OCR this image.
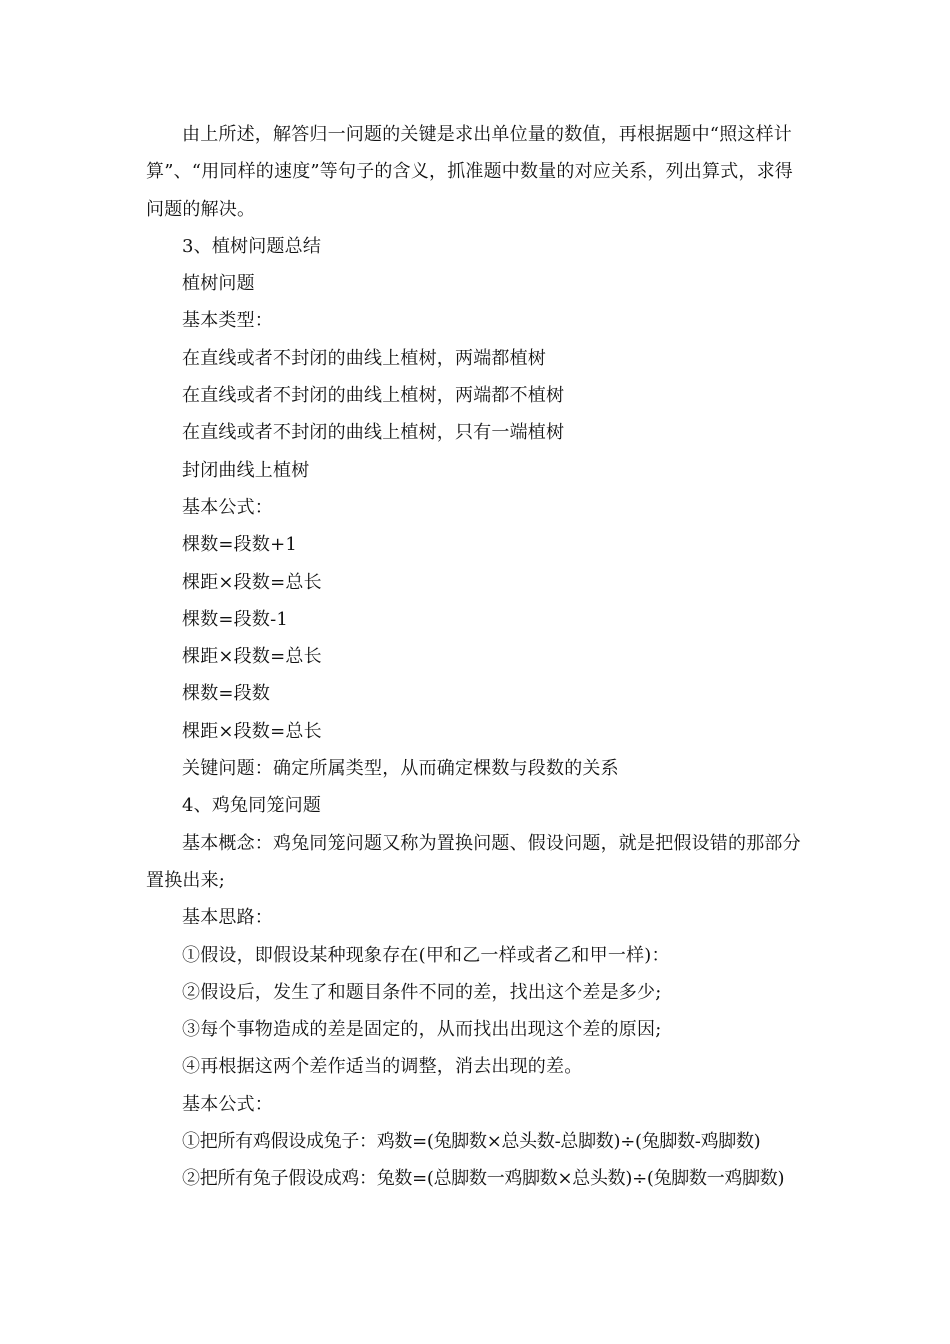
由上所述，解答归一问题的关键是求出单位量的数值，再根据题中“照这样计算”、“用同样的速度”等句子的含义，抓准题中数量的对应关系，列出算式，求得问题的解决。

3、植树问题总结

植树问题

基本类型：

在直线或者不封闭的曲线上植树，两端都植树

在直线或者不封闭的曲线上植树，两端都不植树

在直线或者不封闭的曲线上植树，只有一端植树

封闭曲线上植树

基本公式：

棵数=段数+1

棵距×段数=总长

棵数=段数-1

棵距×段数=总长

棵数=段数

棵距×段数=总长

关键问题：确定所属类型，从而确定棵数与段数的关系

4、鸡兔同笼问题

基本概念：鸡兔同笼问题又称为置换问题、假设问题，就是把假设错的那部分置换出来;

基本思路：

①假设，即假设某种现象存在(甲和乙一样或者乙和甲一样)：

②假设后，发生了和题目条件不同的差，找出这个差是多少;

③每个事物造成的差是固定的，从而找出出现这个差的原因;

④再根据这两个差作适当的调整，消去出现的差。

基本公式：

①把所有鸡假设成兔子：鸡数=(兔脚数×总头数-总脚数)÷(兔脚数-鸡脚数)

②把所有兔子假设成鸡：兔数=(总脚数一鸡脚数×总头数)÷(兔脚数一鸡脚数)
